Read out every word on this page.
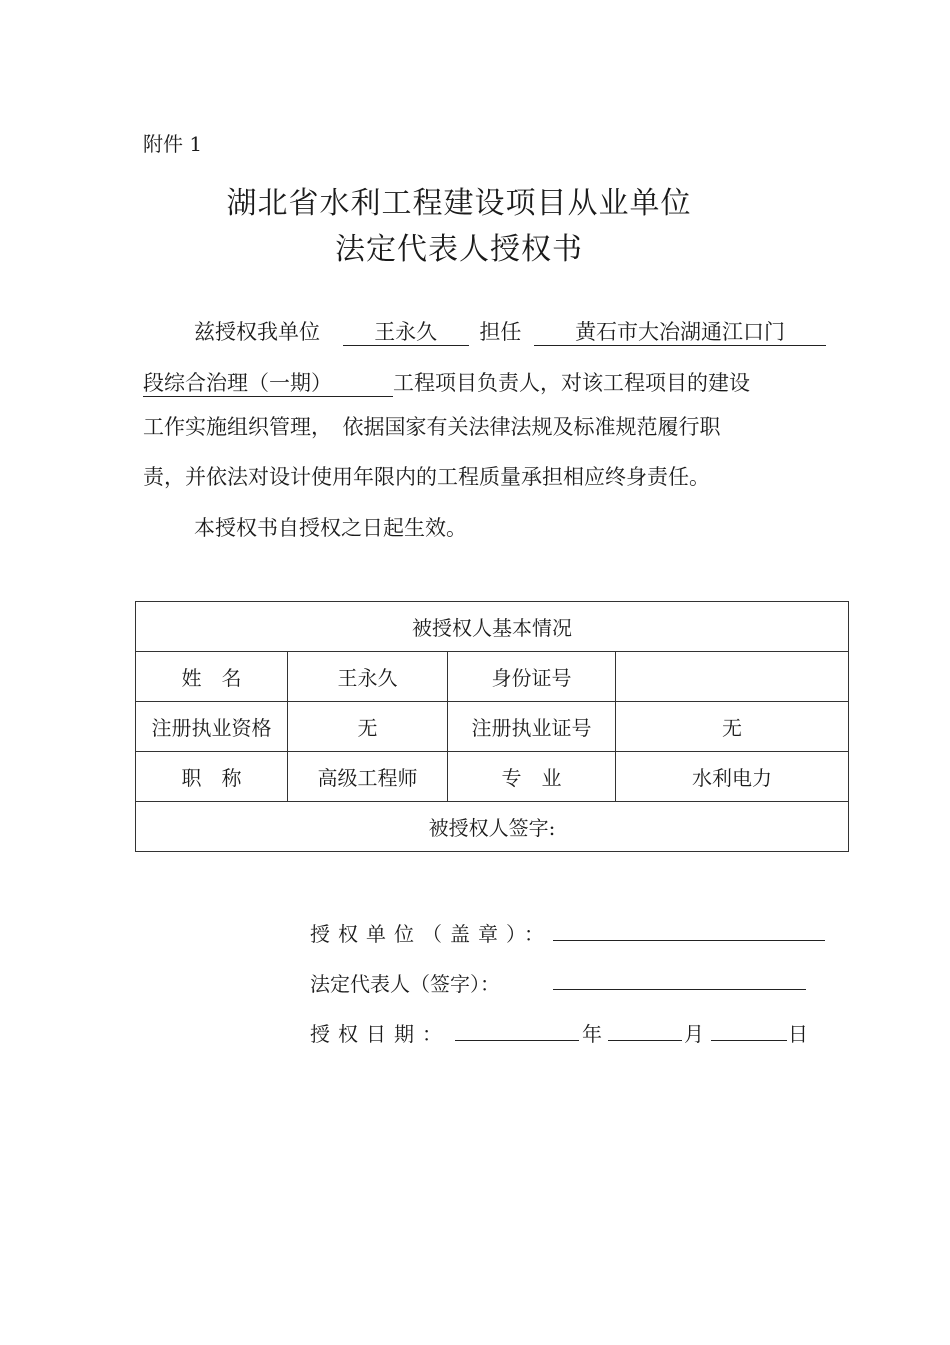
附件 1
湖北省水利工程建设项目从业单位
法定代表人授权书
兹授权我单位	王永久 担任	黄石市大冶湖通江口门
段综合治理（一期）	工程项目负责人，对该工程项目的建设
工作实施组织管理，　依据国家有关法律法规及标准规范履行职
责，并依法对设计使用年限内的工程质量承担相应终身责任。
本授权书自授权之日起生效。
被授权人基本情况			
姓　名	王永久	身份证号	
注册执业资格	无	注册执业证号	无
职　称	高级工程师	专　业	水利电力
被授权人签字:			
授权单位（盖章）：
法定代表人（签字）：
授权日期：	年	月	日
